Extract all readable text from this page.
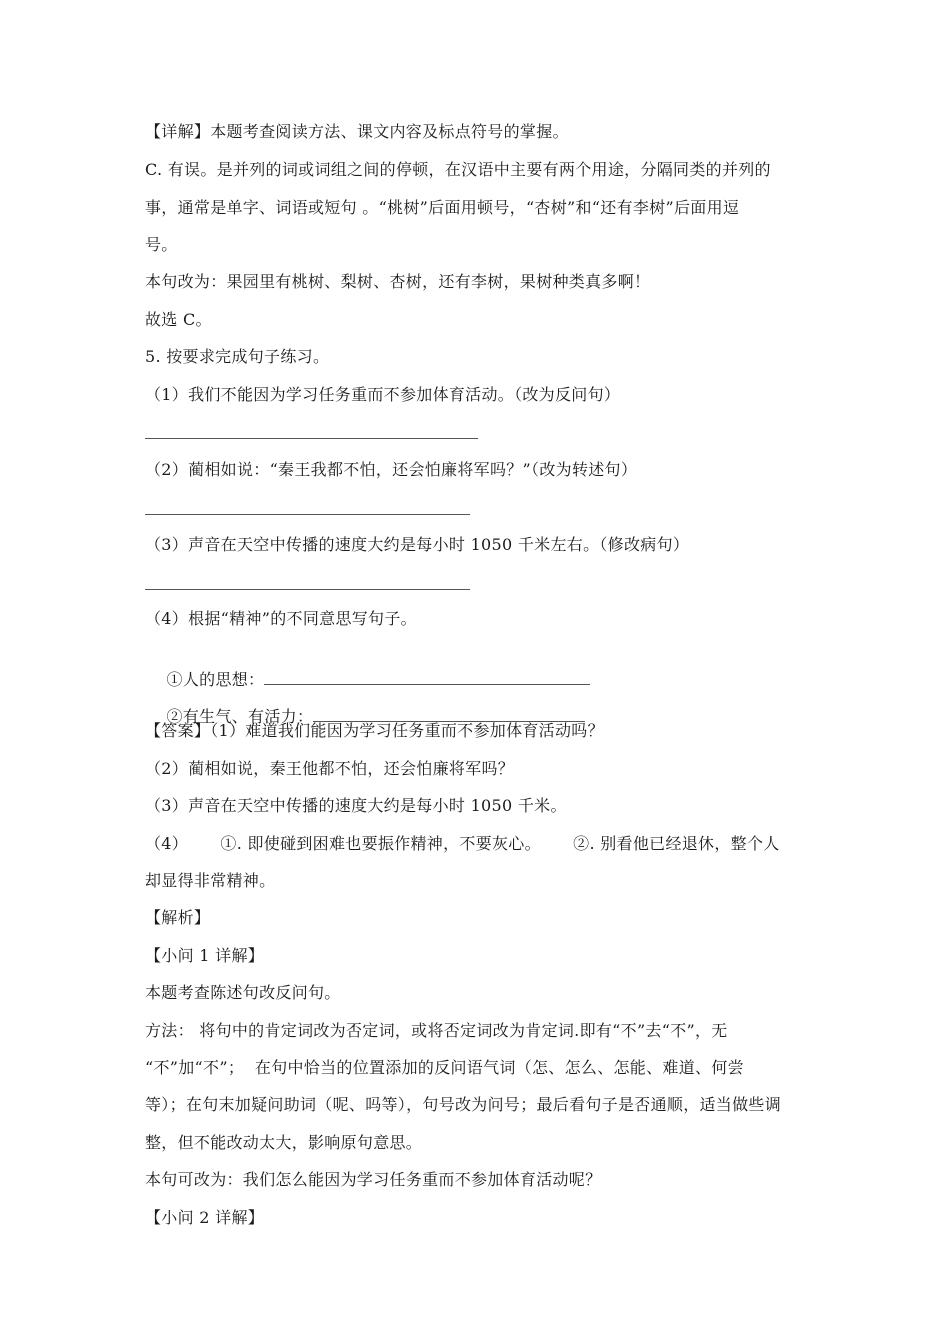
【详解】本题考查阅读方法、课文内容及标点符号的掌握。
C. 有误。是并列的词或词组之间的停顿，在汉语中主要有两个用途，分隔同类的并列的
事，通常是单字、词语或短句 。“桃树”后面用顿号，“杏树”和“还有李树”后面用逗
号。
本句改为：果园里有桃树、梨树、杏树，还有李树，果树种类真多啊！
故选 C。
5. 按要求完成句子练习。
（1）我们不能因为学习任务重而不参加体育活动。（改为反问句）
（2）蔺相如说：“秦王我都不怕，还会怕廉将军吗？”（改为转述句）
（3）声音在天空中传播的速度大约是每小时 1050 千米左右。（修改病句）
（4）根据“精神”的不同意思写句子。

①人的思想：

②有生气、有活力：

【答案】（1）难道我们能因为学习任务重而不参加体育活动吗？
（2）蔺相如说，秦王他都不怕，还会怕廉将军吗？
（3）声音在天空中传播的速度大约是每小时 1050 千米。
（4）      ①. 即使碰到困难也要振作精神，不要灰心。      ②. 别看他已经退休，整个人
却显得非常精神。
【解析】
【小问 1 详解】
本题考查陈述句改反问句。
方法： 将句中的肯定词改为否定词，或将否定词改为肯定词.即有“不”去“不”，无
“不”加“不”；  在句中恰当的位置添加的反问语气词（怎、怎么、怎能、难道、何尝
等）；在句末加疑问助词（呢、吗等），句号改为问号；最后看句子是否通顺，适当做些调
整，但不能改动太大，影响原句意思。
本句可改为：我们怎么能因为学习任务重而不参加体育活动呢？
【小问 2 详解】
